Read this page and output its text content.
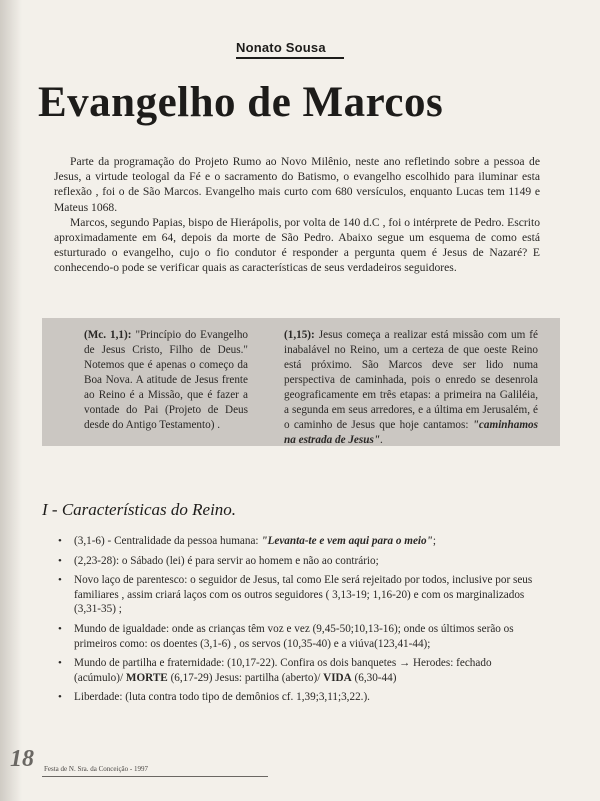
Nonato Sousa
Evangelho de Marcos

Parte da programação do Projeto Rumo ao Novo Milênio, neste ano refletindo sobre a pessoa de Jesus, a virtude teologal da Fé e o sacramento do Batismo, o evangelho escolhido para iluminar esta reflexão , foi o de São Marcos. Evangelho mais curto com 680 versículos, enquanto Lucas tem 1149 e Mateus 1068.

Marcos, segundo Papias, bispo de Hierápolis, por volta de 140 d.C , foi o intérprete de Pedro. Escrito aproximadamente em 64, depois da morte de São Pedro. Abaixo segue um esquema de como está esturturado o evangelho, cujo o fio condutor é responder a pergunta quem é Jesus de Nazaré? E conhecendo-o pode se verificar quais as características de seus verdadeiros seguidores.

(Mc. 1,1): "Princípio do Evangelho de Jesus Cristo, Filho de Deus." Notemos que é apenas o começo da Boa Nova. A atitude de Jesus frente ao Reino é a Missão, que é fazer a vontade do Pai (Projeto de Deus desde do Antigo Testamento) .

(1,15): Jesus começa a realizar está missão com um fé inabalável no Reino, um a certeza de que oeste Reino está próximo. São Marcos deve ser lido numa perspectiva de caminhada, pois o enredo se desenrola geograficamente em três etapas: a primeira na Galiléia, a segunda em seus arredores, e a última em Jerusalém, é o caminho de Jesus que hoje cantamos: "caminhamos na estrada de Jesus".

I - Características do Reino.
• (3,1-6) - Centralidade da pessoa humana: "Levanta-te e vem aqui para o meio";
• (2,23-28): o Sábado (lei) é para servir ao homem e não ao contrário;
• Novo laço de parentesco: o seguidor de Jesus, tal como Ele será rejeitado por todos, inclusive por seus familiares , assim criará laços com os outros seguidores ( 3,13-19; 1,16-20) e com os marginalizados (3,31-35) ;
• Mundo de igualdade: onde as crianças têm voz e vez (9,45-50;10,13-16); onde os últimos serão os primeiros como: os doentes (3,1-6) , os servos (10,35-40) e a viúva(123,41-44);
• Mundo de partilha e fraternidade: (10,17-22). Confira os dois banquetes → Herodes: fechado (acúmulo)/ MORTE (6,17-29) Jesus: partilha (aberto)/ VIDA (6,30-44)
• Liberdade: (luta contra todo tipo de demônios cf. 1,39;3,11;3,22.).
18 Festa de N. Sra. da Conceição - 1997
